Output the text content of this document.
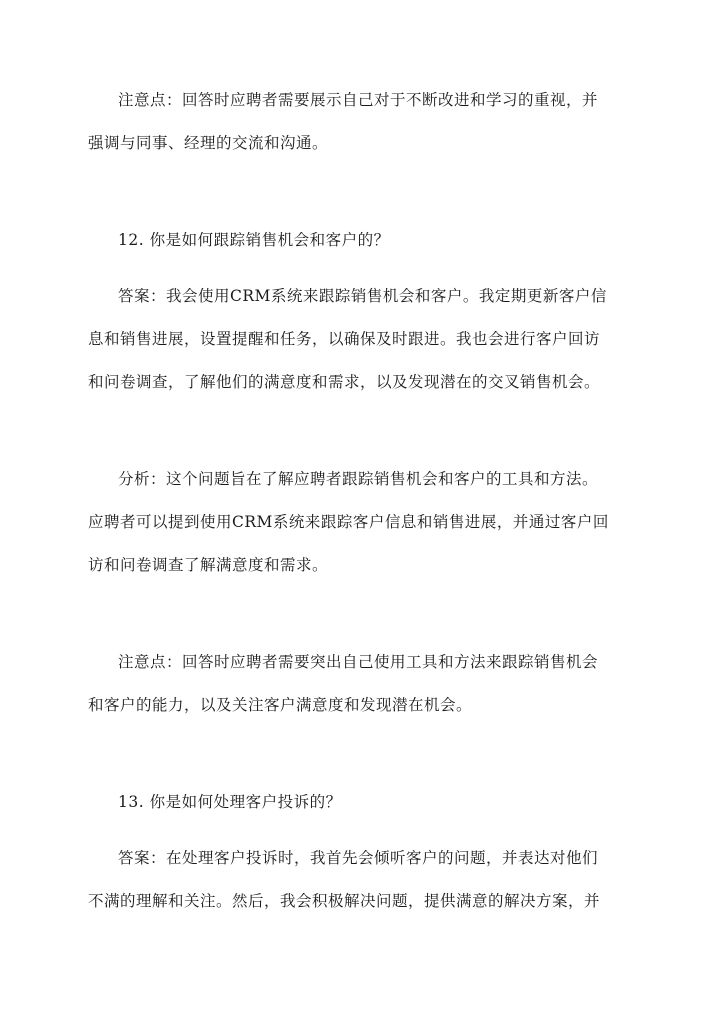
注意点：回答时应聘者需要展示自己对于不断改进和学习的重视，并
强调与同事、经理的交流和沟通。
12. 你是如何跟踪销售机会和客户的？
答案：我会使用CRM系统来跟踪销售机会和客户。我定期更新客户信
息和销售进展，设置提醒和任务，以确保及时跟进。我也会进行客户回访
和问卷调查，了解他们的满意度和需求，以及发现潜在的交叉销售机会。
分析：这个问题旨在了解应聘者跟踪销售机会和客户的工具和方法。
应聘者可以提到使用CRM系统来跟踪客户信息和销售进展，并通过客户回
访和问卷调查了解满意度和需求。
注意点：回答时应聘者需要突出自己使用工具和方法来跟踪销售机会
和客户的能力，以及关注客户满意度和发现潜在机会。
13. 你是如何处理客户投诉的？
答案：在处理客户投诉时，我首先会倾听客户的问题，并表达对他们
不满的理解和关注。然后，我会积极解决问题，提供满意的解决方案，并
